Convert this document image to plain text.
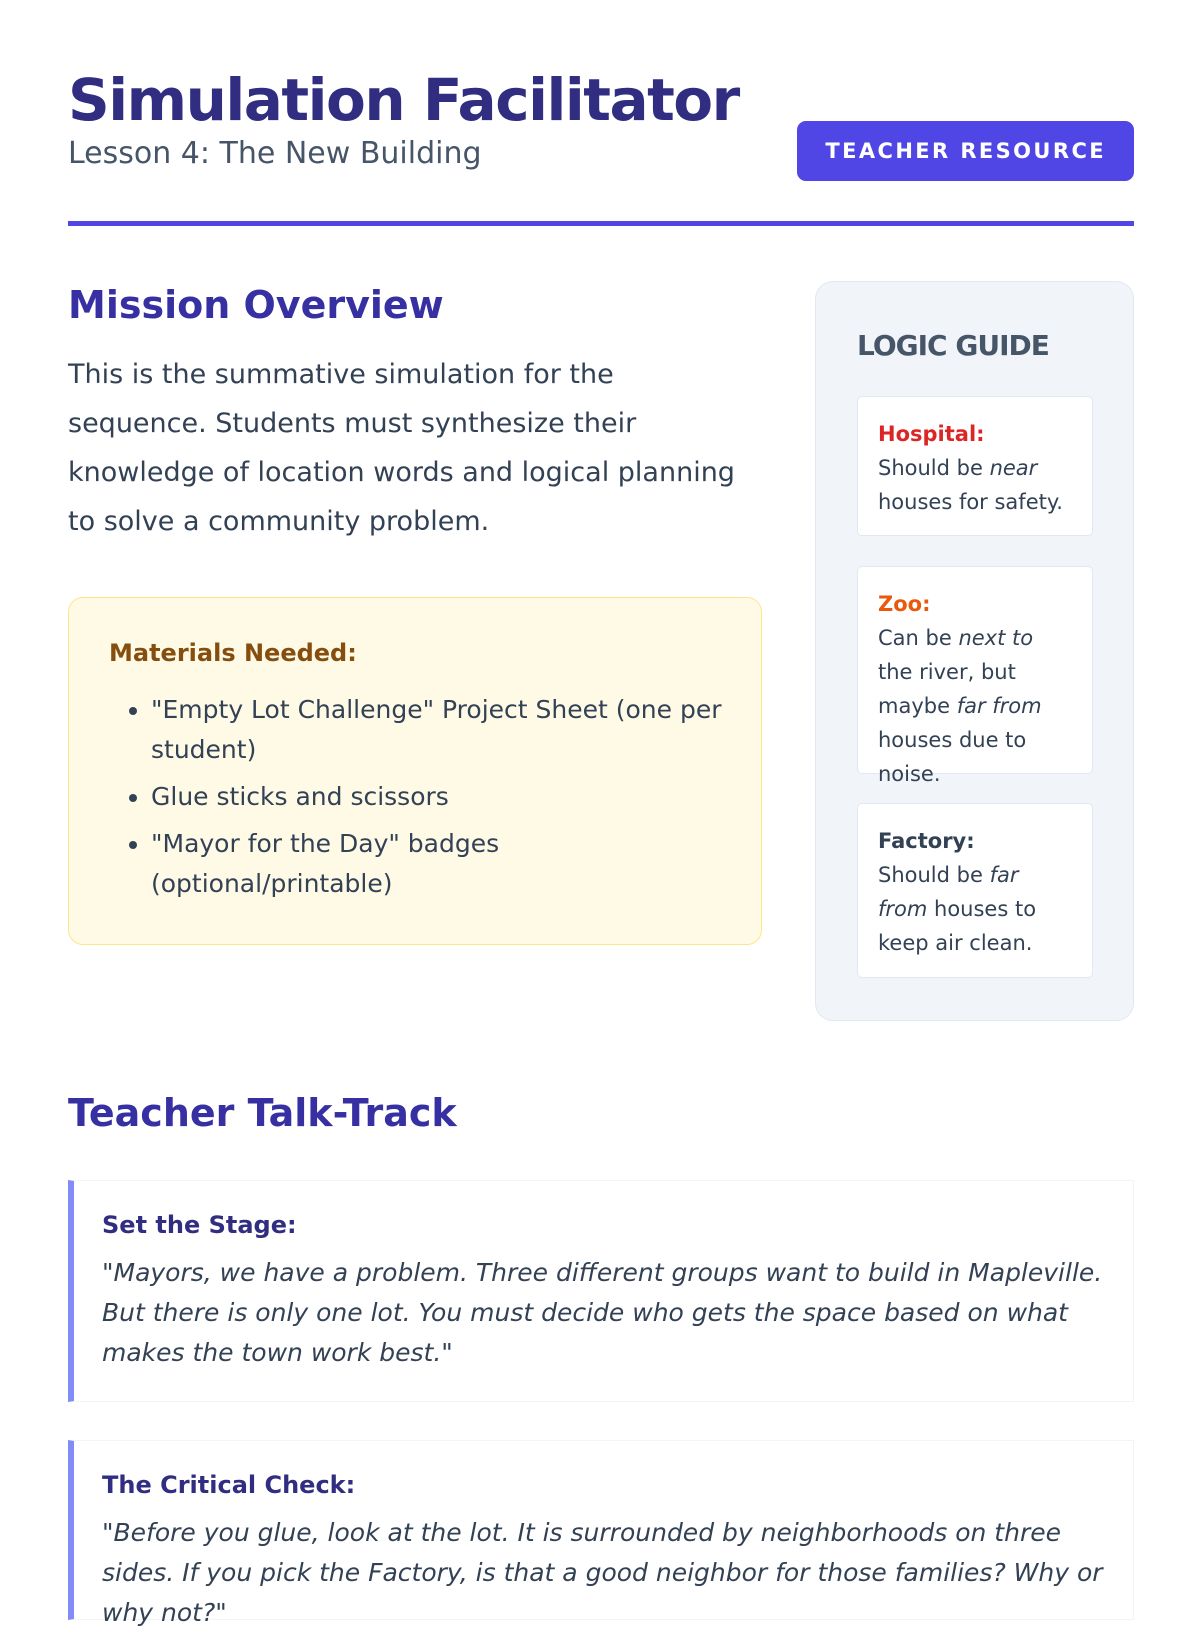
Simulation Facilitator
Lesson 4: The New Building	TEACHER RESOURCE
Mission Overview

This is the summative simulation for the sequence. Students must synthesize their knowledge of location words and logical planning to solve a community problem.

Materials Needed:
• "Empty Lot Challenge" Project Sheet (one per student)
• Glue sticks and scissors
• "Mayor for the Day" badges (optional/printable)
LOGIC GUIDE
Hospital:
Should be near houses for safety.
Zoo:
Can be next to the river, but maybe far from houses due to noise.
Factory:
Should be far from houses to keep air clean.
Teacher Talk-Track
Set the Stage:
"Mayors, we have a problem. Three different groups want to build in Mapleville. But there is only one lot. You must decide who gets the space based on what makes the town work best."
The Critical Check:
"Before you glue, look at the lot. It is surrounded by neighborhoods on three sides. If you pick the Factory, is that a good neighbor for those families? Why or why not?"
